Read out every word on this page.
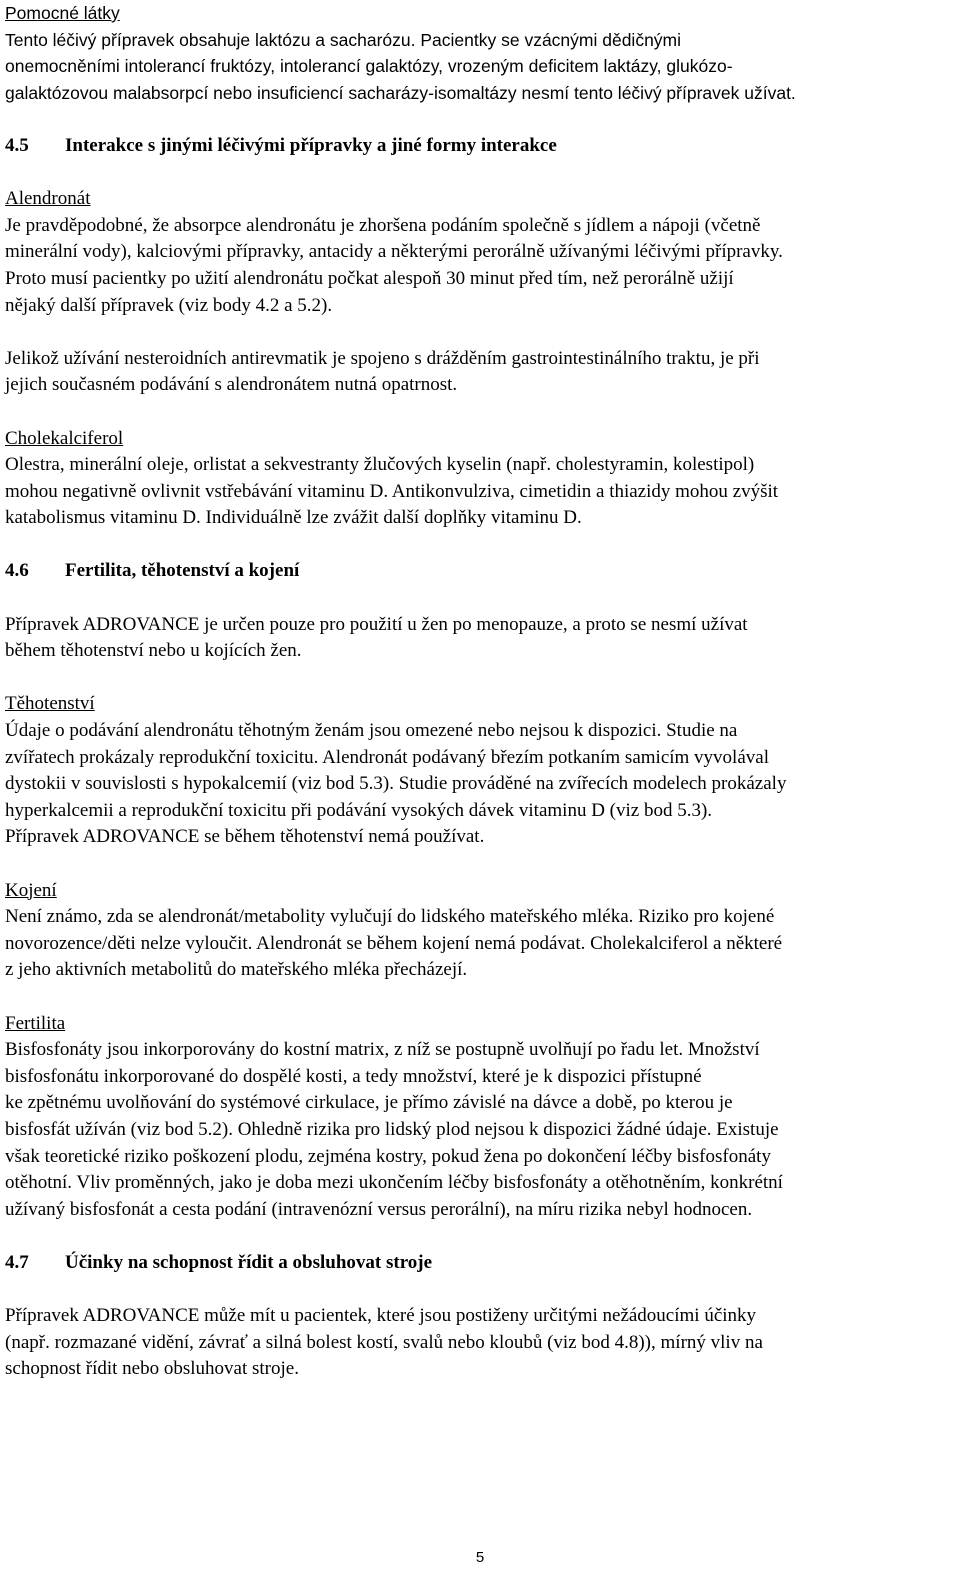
Pomocné látky

Tento léčivý přípravek obsahuje laktózu a sacharózu. Pacientky se vzácnými dědičnými

onemocněními intolerancí fruktózy, intolerancí galaktózy, vrozeným deficitem laktázy, glukózo-

galaktózovou malabsorpcí nebo insuficiencí sacharázy-isomaltázy nesmí tento léčivý přípravek užívat.

4.5 Interakce s jinými léčivými přípravky a jiné formy interakce

Alendronát

Je pravděpodobné, že absorpce alendronátu je zhoršena podáním společně s jídlem a nápoji (včetně

minerální vody), kalciovými přípravky, antacidy a některými perorálně užívanými léčivými přípravky.

Proto musí pacientky po užití alendronátu počkat alespoň 30 minut před tím, než perorálně užijí

nějaký další přípravek (viz body 4.2 a 5.2).

Jelikož užívání nesteroidních antirevmatik je spojeno s drážděním gastrointestinálního traktu, je při

jejich současném podávání s alendronátem nutná opatrnost.

Cholekalciferol

Olestra, minerální oleje, orlistat a sekvestranty žlučových kyselin (např. cholestyramin, kolestipol)

mohou negativně ovlivnit vstřebávání vitaminu D. Antikonvulziva, cimetidin a thiazidy mohou zvýšit

katabolismus vitaminu D. Individuálně lze zvážit další doplňky vitaminu D.

4.6 Fertilita, těhotenství a kojení

Přípravek ADROVANCE je určen pouze pro použití u žen po menopauze, a proto se nesmí užívat

během těhotenství nebo u kojících žen.

Těhotenství

Údaje o podávání alendronátu těhotným ženám jsou omezené nebo nejsou k dispozici. Studie na

zvířatech prokázaly reprodukční toxicitu. Alendronát podávaný březím potkaním samicím vyvolával

dystokii v souvislosti s hypokalcemií (viz bod 5.3). Studie prováděné na zvířecích modelech prokázaly

hyperkalcemii a reprodukční toxicitu při podávání vysokých dávek vitaminu D (viz bod 5.3).

Přípravek ADROVANCE se během těhotenství nemá používat.

Kojení

Není známo, zda se alendronát/metabolity vylučují do lidského mateřského mléka. Riziko pro kojené

novorozence/děti nelze vyloučit. Alendronát se během kojení nemá podávat. Cholekalciferol a některé

z jeho aktivních metabolitů do mateřského mléka přecházejí.

Fertilita

Bisfosfonáty jsou inkorporovány do kostní matrix, z níž se postupně uvolňují po řadu let. Množství

bisfosfonátu inkorporované do dospělé kosti, a tedy množství, které je k dispozici přístupné

ke zpětnému uvolňování do systémové cirkulace, je přímo závislé na dávce a době, po kterou je

bisfosfát užíván (viz bod 5.2). Ohledně rizika pro lidský plod nejsou k dispozici žádné údaje. Existuje

však teoretické riziko poškození plodu, zejména kostry, pokud žena po dokončení léčby bisfosfonáty

otěhotní. Vliv proměnných, jako je doba mezi ukončením léčby bisfosfonáty a otěhotněním, konkrétní

užívaný bisfosfonát a cesta podání (intravenózní versus perorální), na míru rizika nebyl hodnocen.

4.7 Účinky na schopnost řídit a obsluhovat stroje

Přípravek ADROVANCE může mít u pacientek, které jsou postiženy určitými nežádoucími účinky

(např. rozmazané vidění, závrať a silná bolest kostí, svalů nebo kloubů (viz bod 4.8)), mírný vliv na

schopnost řídit nebo obsluhovat stroje.

5
